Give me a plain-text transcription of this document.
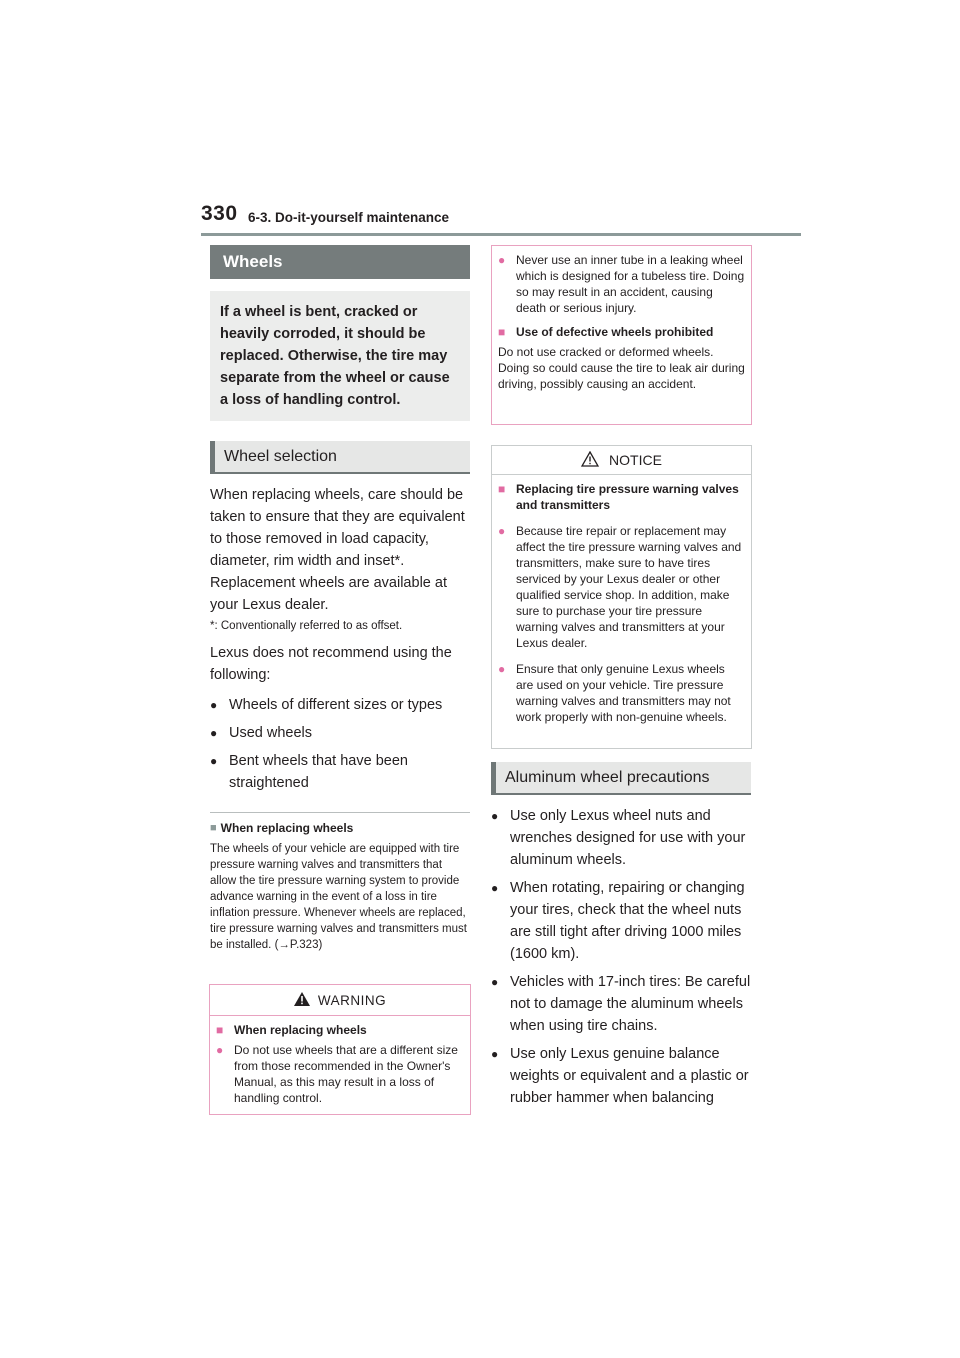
330 6-3. Do-it-yourself maintenance
Wheels
If a wheel is bent, cracked or heavily corroded, it should be replaced. Otherwise, the tire may separate from the wheel or cause a loss of handling control.
Wheel selection
When replacing wheels, care should be taken to ensure that they are equivalent to those removed in load capacity, diameter, rim width and inset*. Replacement wheels are available at your Lexus dealer.
*: Conventionally referred to as offset.
Lexus does not recommend using the following:
● Wheels of different sizes or types
● Used wheels
● Bent wheels that have been straightened
■ When replacing wheels
The wheels of your vehicle are equipped with tire pressure warning valves and transmitters that allow the tire pressure warning system to provide advance warning in the event of a loss in tire inflation pressure. Whenever wheels are replaced, tire pressure warning valves and transmitters must be installed. (→P.323)
WARNING
■ When replacing wheels
● Do not use wheels that are a different size from those recommended in the Owner's Manual, as this may result in a loss of handling control.
● Never use an inner tube in a leaking wheel which is designed for a tubeless tire. Doing so may result in an accident, causing death or serious injury.
■ Use of defective wheels prohibited
Do not use cracked or deformed wheels. Doing so could cause the tire to leak air during driving, possibly causing an accident.
NOTICE
■ Replacing tire pressure warning valves and transmitters
● Because tire repair or replacement may affect the tire pressure warning valves and transmitters, make sure to have tires serviced by your Lexus dealer or other qualified service shop. In addition, make sure to purchase your tire pressure warning valves and transmitters at your Lexus dealer.
● Ensure that only genuine Lexus wheels are used on your vehicle. Tire pressure warning valves and transmitters may not work properly with non-genuine wheels.
Aluminum wheel precautions
● Use only Lexus wheel nuts and wrenches designed for use with your aluminum wheels.
● When rotating, repairing or changing your tires, check that the wheel nuts are still tight after driving 1000 miles (1600 km).
● Vehicles with 17-inch tires: Be careful not to damage the aluminum wheels when using tire chains.
● Use only Lexus genuine balance weights or equivalent and a plastic or rubber hammer when balancing
